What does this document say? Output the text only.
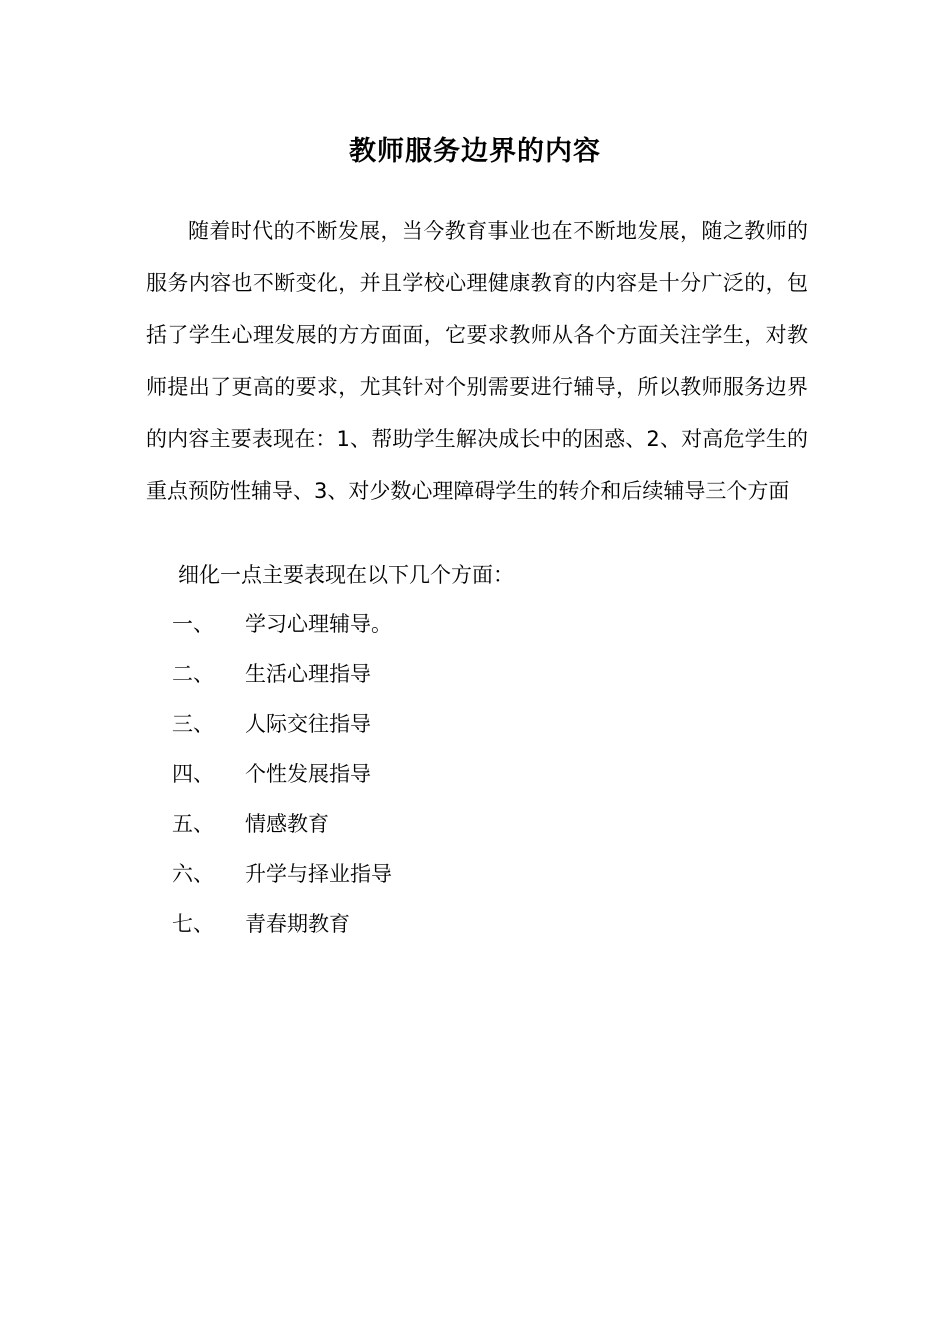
教师服务边界的内容

随着时代的不断发展，当今教育事业也在不断地发展，随之教师的服务内容也不断变化，并且学校心理健康教育的内容是十分广泛的，包括了学生心理发展的方方面面，它要求教师从各个方面关注学生，对教师提出了更高的要求，尤其针对个别需要进行辅导，所以教师服务边界的内容主要表现在：1、帮助学生解决成长中的困惑、2、对高危学生的重点预防性辅导、3、对少数心理障碍学生的转介和后续辅导三个方面

细化一点主要表现在以下几个方面：

一、 学习心理辅导。
二、 生活心理指导
三、 人际交往指导
四、 个性发展指导
五、 情感教育
六、 升学与择业指导
七、 青春期教育
